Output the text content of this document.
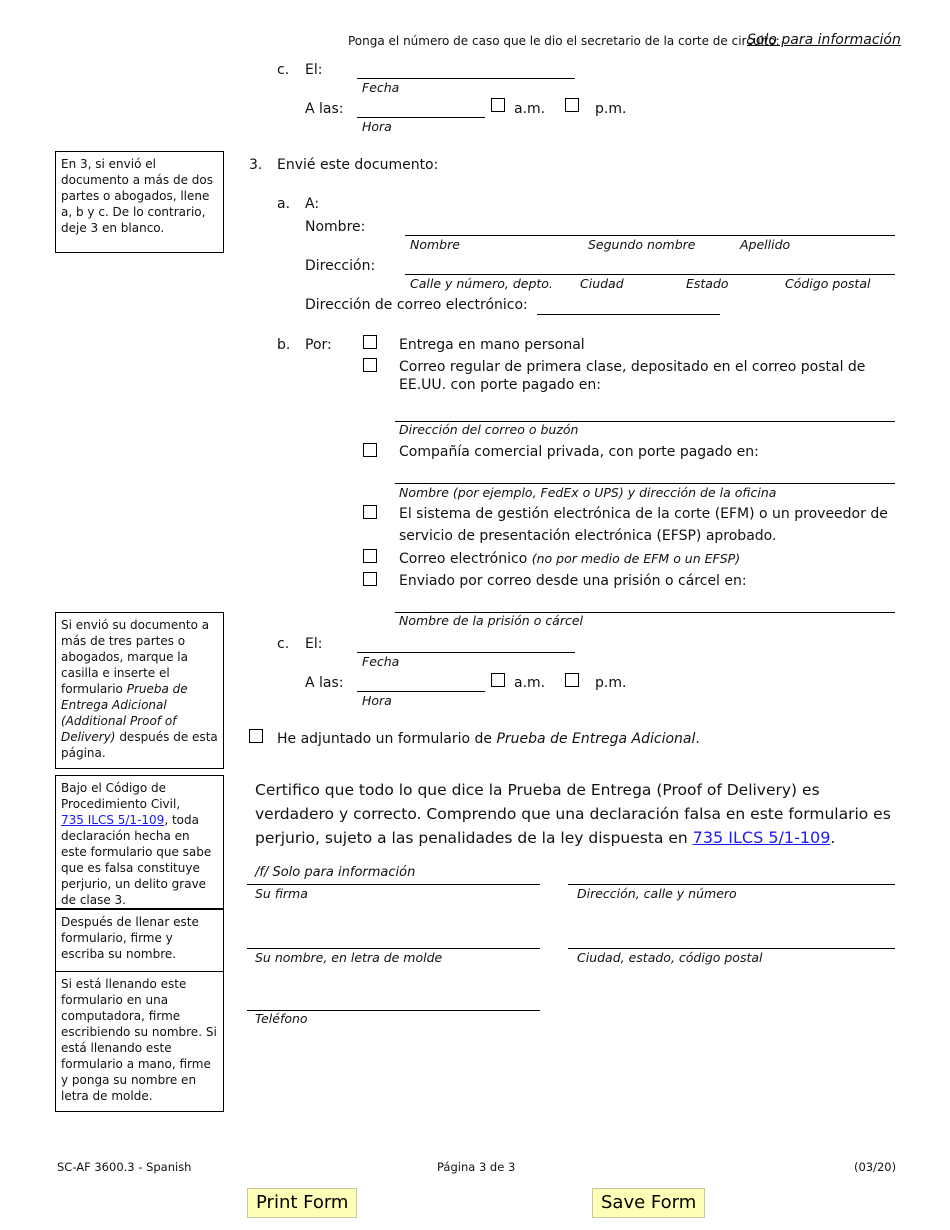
Ponga el número de caso que le dio el secretario de la corte de circuito:
Solo para información
c. El:
Fecha
A las:
Hora
a.m.	p.m.
En 3, si envió el documento a más de dos partes o abogados, llene a, b y c. De lo contrario, deje 3 en blanco.
Si envió su documento a más de tres partes o abogados, marque la casilla e inserte el formulario Prueba de Entrega Adicional (Additional Proof of Delivery) después de esta página.
Bajo el Código de Procedimiento Civil,
735 ILCS 5/1-109, toda declaración hecha en este formulario que sabe que es falsa constituye perjurio, un delito grave de clase 3.
Después de llenar este formulario, firme y escriba su nombre.
Si está llenando este formulario en una computadora, firme escribiendo su nombre. Si está llenando este formulario a mano, firme y ponga su nombre en letra de molde.
3. Envié este documento:
a. A:
Nombre:
Nombre	Segundo nombre	Apellido
Dirección:
Calle y número, depto. Ciudad	Estado	Código postal
Dirección de correo electrónico:
b. Por:	Entrega en mano personal
Correo regular de primera clase, depositado en el correo postal de
EE.UU. con porte pagado en:
Dirección del correo o buzón
Compañía comercial privada, con porte pagado en:
Nombre (por ejemplo, FedEx o UPS) y dirección de la oficina
El sistema de gestión electrónica de la corte (EFM) o un proveedor de
servicio de presentación electrónica (EFSP) aprobado.
Correo electrónico (no por medio de EFM o un EFSP)
Enviado por correo desde una prisión o cárcel en:
Nombre de la prisión o cárcel
c. El:
Fecha
A las:
Hora
a.m.	p.m.
He adjuntado un formulario de Prueba de Entrega Adicional.
Certifico que todo lo que dice la Prueba de Entrega (Proof of Delivery) es verdadero y correcto. Comprendo que una declaración falsa en este formulario es perjurio, sujeto a las penalidades de la ley dispuesta en 735 ILCS 5/1-109.
/f/ Solo para información
Su firma	Dirección, calle y número
Su nombre, en letra de molde	Ciudad, estado, código postal
Teléfono
SC-AF 3600.3 - Spanish	Página 3 de 3	(03/20)
Print Form	Save Form
